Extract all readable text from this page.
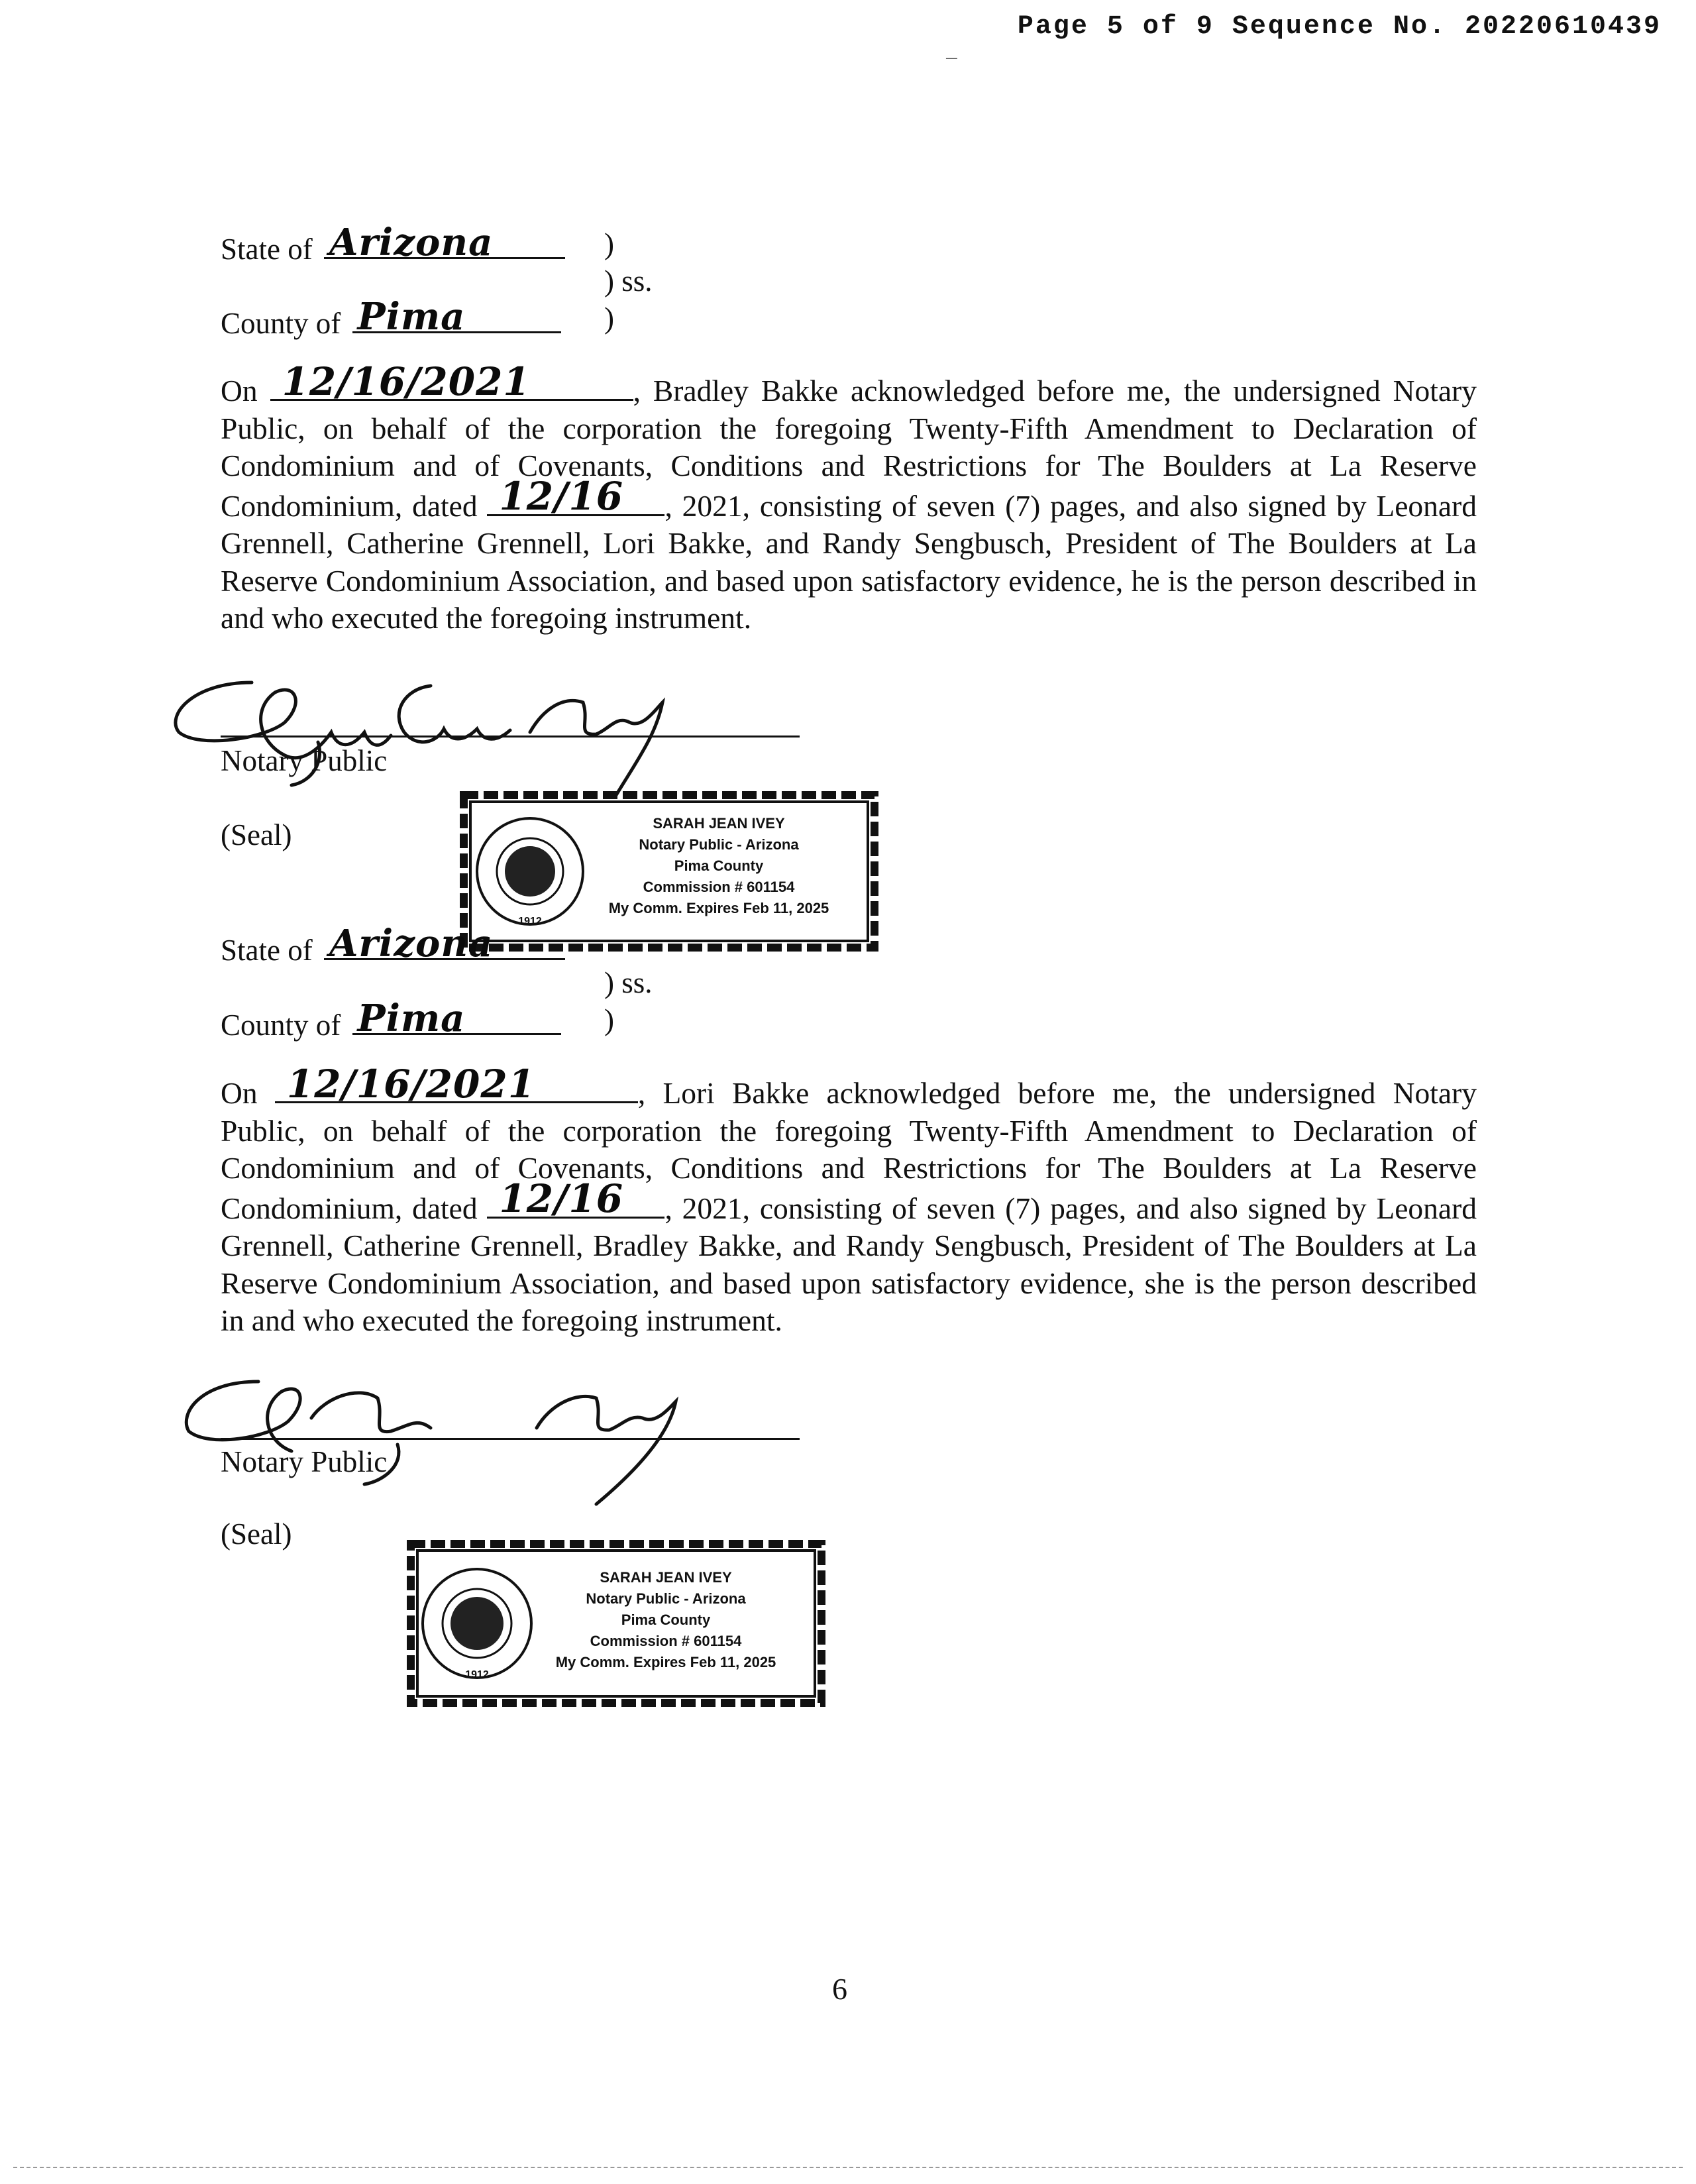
Page 5 of 9 Sequence No. 20220610439
_
State of Arizona	)
) ss.
County of Pima	)

On 12/16/2021	, Bradley Bakke acknowledged before me, the undersigned Notary Public, on behalf of the corporation the foregoing Twenty-Fifth Amendment to Declaration of Condominium and of Covenants, Conditions and Restrictions for The Boulders at La Reserve Condominium, dated 12/16 , 2021, consisting of seven (7) pages, and also signed by Leonard Grennell, Catherine Grennell, Lori Bakke, and Randy Sengbusch, President of The Boulders at La Reserve Condominium Association, and based upon satisfactory evidence, he is the person described in and who executed the foregoing instrument.

Notary Public
(Seal)
1912
SARAH JEAN IVEY
Notary Public - Arizona
Pima County
Commission # 601154
My Comm. Expires Feb 11, 2025
State of Arizona
) ss.
County of Pima	)

On 12/16/2021	, Lori Bakke acknowledged before me, the undersigned Notary Public, on behalf of the corporation the foregoing Twenty-Fifth Amendment to Declaration of Condominium and of Covenants, Conditions and Restrictions for The Boulders at La Reserve Condominium, dated 12/16 , 2021, consisting of seven (7) pages, and also signed by Leonard Grennell, Catherine Grennell, Bradley Bakke, and Randy Sengbusch, President of The Boulders at La Reserve Condominium Association, and based upon satisfactory evidence, she is the person described in and who executed the foregoing instrument.

Notary Public
(Seal)
1912
SARAH JEAN IVEY
Notary Public - Arizona
Pima County
Commission # 601154
My Comm. Expires Feb 11, 2025
6
